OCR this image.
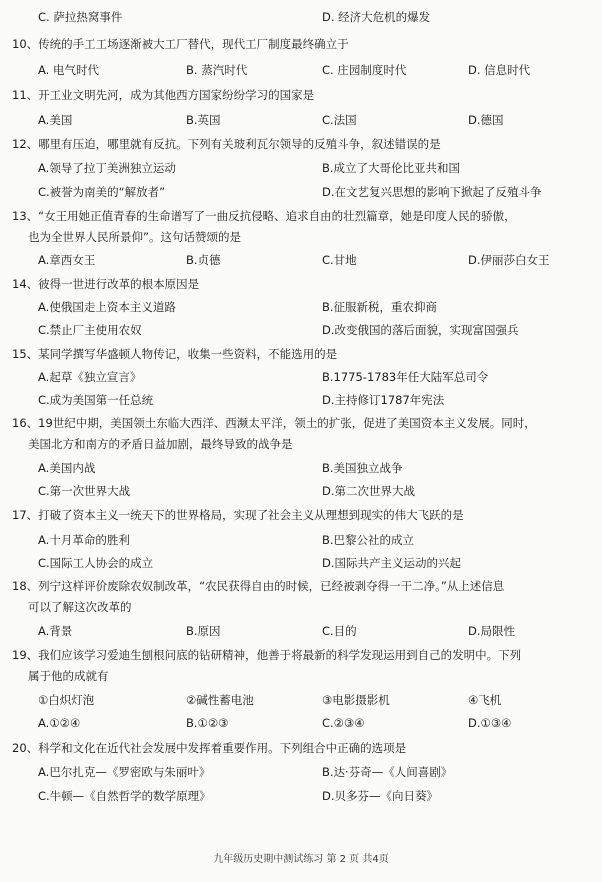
C. 萨拉热窝事件	D. 经济大危机的爆发
10、传统的手工工场逐渐被大工厂替代，现代工厂制度最终确立于
A. 电气时代	B. 蒸汽时代	C. 庄园制度时代	D. 信息时代
11、开工业文明先河，成为其他西方国家纷纷学习的国家是
A.美国	B.英国	C.法国	D.德国
12、哪里有压迫，哪里就有反抗。下列有关玻利瓦尔领导的反殖斗争，叙述错误的是
A.领导了拉丁美洲独立运动	B.成立了大哥伦比亚共和国
C.被誉为南美的“解放者”	D.在文艺复兴思想的影响下掀起了反殖斗争
13、“女王用她正值青春的生命谱写了一曲反抗侵略、追求自由的壮烈篇章，她是印度人民的骄傲，
也为全世界人民所景仰”。这句话赞颂的是
A.章西女王	B.贞德	C.甘地	D.伊丽莎白女王
14、彼得一世进行改革的根本原因是
A.使俄国走上资本主义道路	B.征服新税，重农抑商
C.禁止厂主使用农奴	D.改变俄国的落后面貌，实现富国强兵
15、某同学撰写华盛顿人物传记，收集一些资料，不能选用的是
A.起草《独立宣言》	B.1775-1783年任大陆军总司令
C.成为美国第一任总统	D.主持修订1787年宪法
16、19世纪中期，美国领土东临大西洋、西濒太平洋，领土的扩张，促进了美国资本主义发展。同时，
美国北方和南方的矛盾日益加剧，最终导致的战争是
A.美国内战	B.美国独立战争
C.第一次世界大战	D.第二次世界大战
17、打破了资本主义一统天下的世界格局，实现了社会主义从理想到现实的伟大飞跃的是
A.十月革命的胜利	B.巴黎公社的成立
C.国际工人协会的成立	D.国际共产主义运动的兴起
18、列宁这样评价废除农奴制改革，“农民获得自由的时候，已经被剥夺得一干二净。”从上述信息
可以了解这次改革的
A.背景	B.原因	C.目的	D.局限性
19、我们应该学习爱迪生刨根问底的钻研精神，他善于将最新的科学发现运用到自己的发明中。下列
属于他的成就有
①白炽灯泡	②碱性蓄电池	③电影摄影机	④飞机
A.①②④	B.①②③	C.②③④	D.①③④
20、科学和文化在近代社会发展中发挥着重要作用。下列组合中正确的选项是
A.巴尔扎克—《罗密欧与朱丽叶》	B.达·芬奇—《人间喜剧》
C.牛顿—《自然哲学的数学原理》	D.贝多芬—《向日葵》
九年级历史期中测试练习 第 2 页 共4页
